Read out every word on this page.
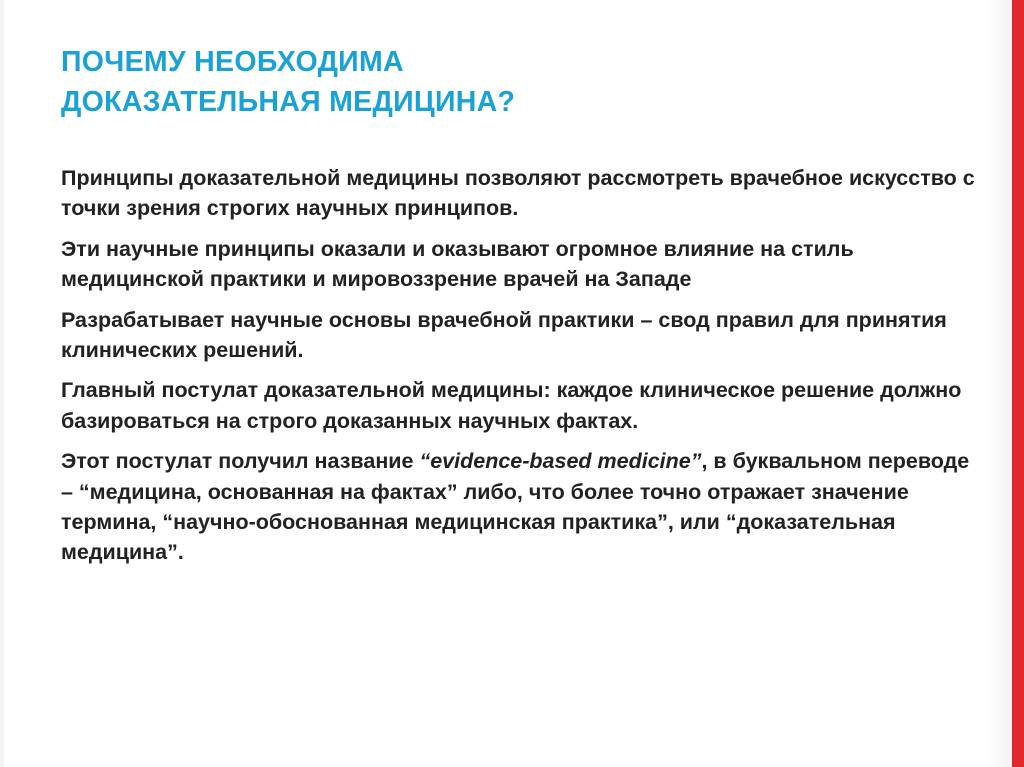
ПОЧЕМУ НЕОБХОДИМА
ДОКАЗАТЕЛЬНАЯ МЕДИЦИНА?

Принципы доказательной медицины позволяют рассмотреть врачебное искусство с точки зрения строгих научных принципов.

Эти научные принципы оказали и оказывают огромное влияние на стиль медицинской практики и мировоззрение врачей на Западе

Разрабатывает научные основы врачебной практики – свод правил для принятия клинических решений.

Главный постулат доказательной медицины: каждое клиническое решение должно базироваться на строго доказанных научных фактах.

Этот постулат получил название “evidence-based medicine”, в буквальном переводе – “медицина, основанная на фактах” либо, что более точно отражает значение термина, “научно-обоснованная медицинская практика”, или “доказательная медицина”.
